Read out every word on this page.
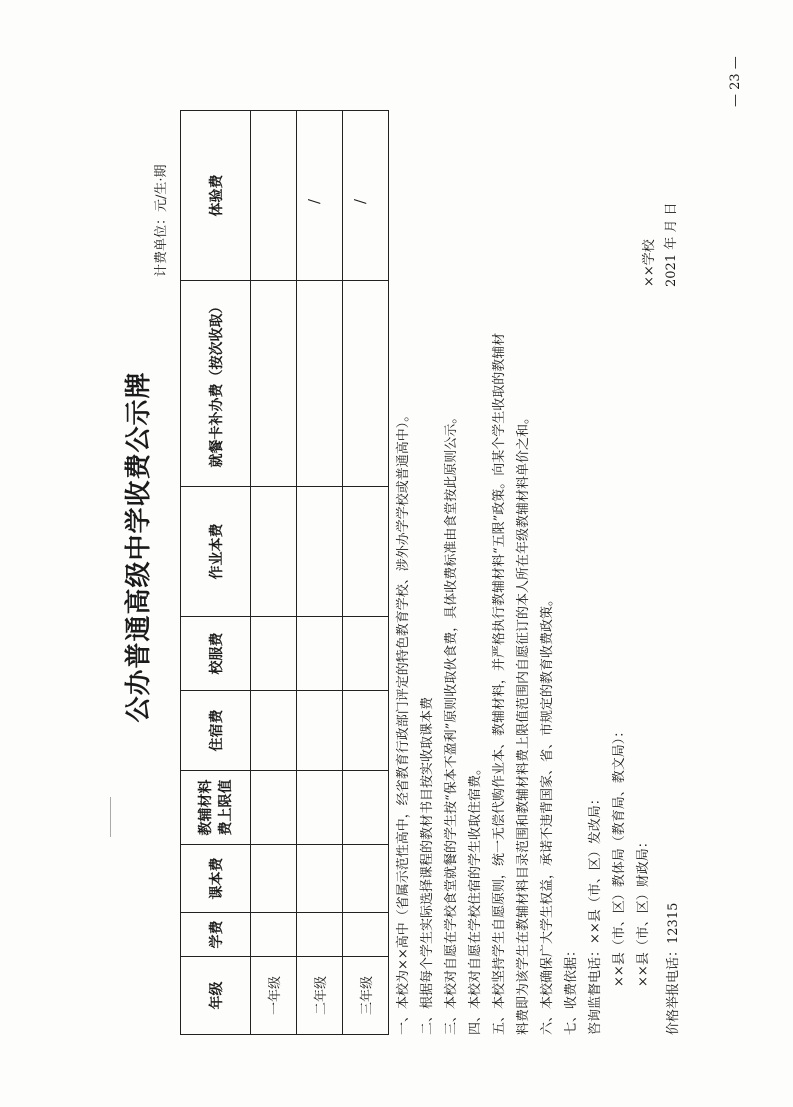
公办普通高级中学收费公示牌
计费单位：元/生·期
年级	学费	课本费	教辅材料费上限值	住宿费	校服费	作业本费	就餐卡补办费（按次收取）	体验费
一年级								
二年级								/

三年级								/

一、本校为××高中（省属示范性高中，经省教育行政部门评定的特色教育学校、涉外办学学校或普通高中）。 二、根据每个学生实际选择课程的教材书目按实收取课本费 三、本校对自愿在学校食堂就餐的学生按“保本不盈利”原则收取伙食费，具体收费标准由食堂按此原则公示。 四、本校对自愿在学校住宿的学生收取住宿费。 五、本校坚持学生自愿原则，统一无偿代购作业本、教辅材料，并严格执行教辅材料“五限”政策。向某个学生收取的教辅材 料费即为该学生在教辅材料目录范围和教辅材料费上限值范围内自愿征订的本人所在年级教辅材料单价之和。 六、本校确保广大学生权益，承诺不违背国家、省、市规定的教育收费政策。 七、收费依据： 咨询监督电话：××县（市、区）发改局： ××县（市、区）教体局（教育局、教文局）： ××县（市、区）财政局：	价格举报电话：12315

××学校 2021 年 月 日
— 23 —
